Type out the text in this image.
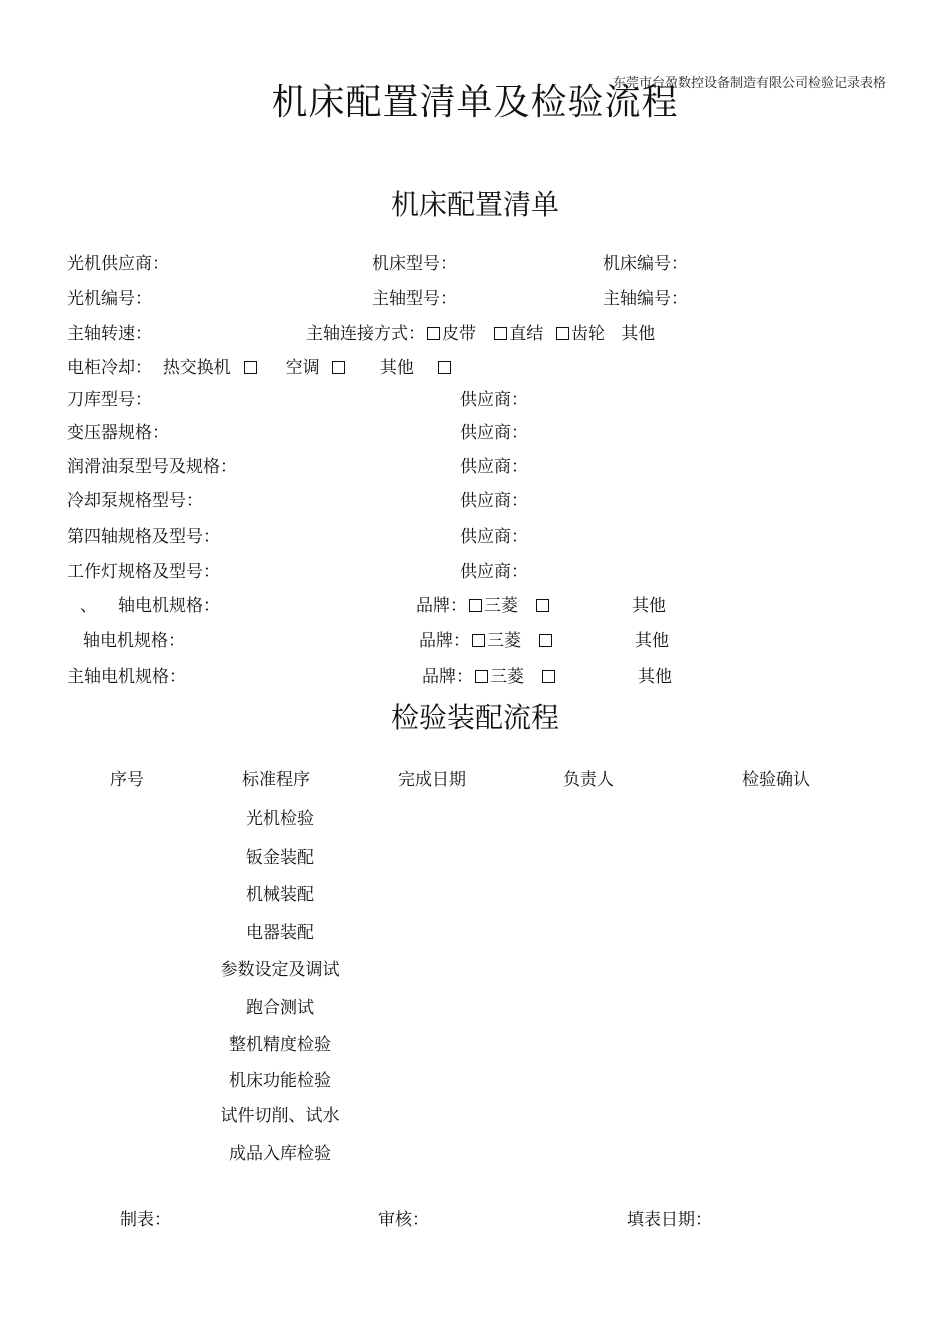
东莞市台盈数控设备制造有限公司检验记录表格
机床配置清单及检验流程
机床配置清单
光机供应商：	机床型号：	机床编号：
光机编号：	主轴型号：	主轴编号：
主轴转速：	主轴连接方式： 皮带 直结 齿轮 其他
电柜冷却： 热交换机	空调	其他
刀库型号：	供应商：
变压器规格：	供应商：
润滑油泵型号及规格：	供应商：
冷却泵规格型号：	供应商：
第四轴规格及型号：	供应商：
工作灯规格及型号：	供应商：
、 轴电机规格：	品牌： 三菱	其他
轴电机规格：	品牌： 三菱	其他
主轴电机规格：	品牌： 三菱	其他
检验装配流程
序号	标准程序	完成日期	负责人	检验确认
光机检验
钣金装配
机械装配
电器装配
参数设定及调试
跑合测试
整机精度检验
机床功能检验
试件切削、试水
成品入库检验
制表：	审核：	填表日期：
